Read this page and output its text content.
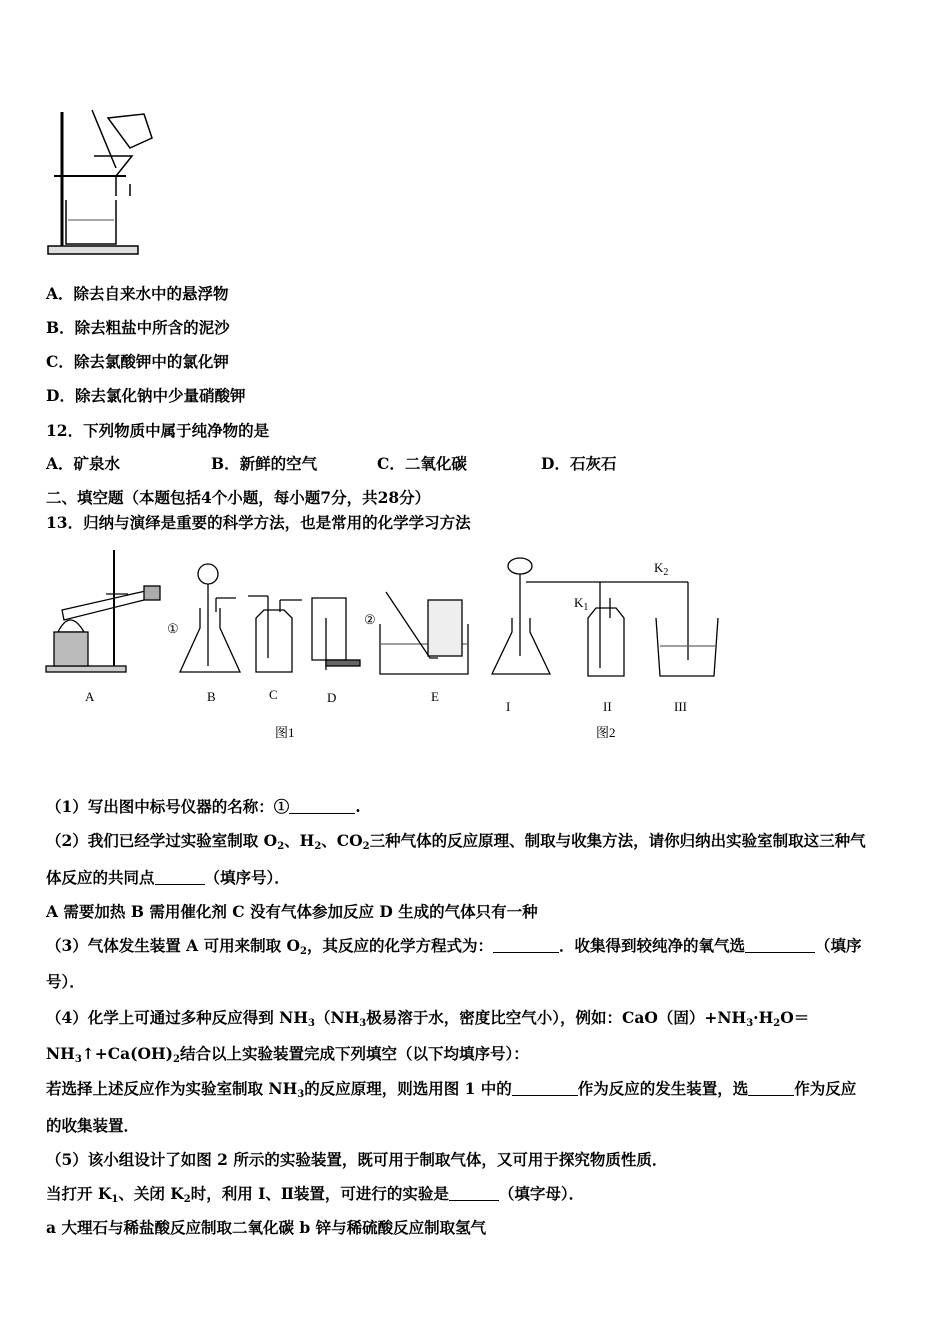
A．除去自来水中的悬浮物
B．除去粗盐中所含的泥沙
C．除去氯酸钾中的氯化钾
D．除去氯化钠中少量硝酸钾
12．下列物质中属于纯净物的是
A．矿泉水	B．新鲜的空气	C．二氧化碳	D．石灰石
二、填空题（本题包括4个小题，每小题7分，共28分）
13．归纳与演绎是重要的科学方法，也是常用的化学学习方法
A	B	C	D	E
I	II	III
图1	图2
①
②
$K_1$
$K_2$
（1）写出图中标号仪器的名称：①	.
（2）我们已经学过实验室制取 $O_2$、$H_2$、$CO_2$三种气体的反应原理、制取与收集方法，请你归纳出实验室制取这三种气
体反应的共同点	（填序号）．
A 需要加热 B 需用催化剂 C 没有气体参加反应 D 生成的气体只有一种
（3）气体发生装置 A 可用来制取 $O_2$，其反应的化学方程式为：	．收集得到较纯净的氧气选	（填序
号）．
（4）化学上可通过多种反应得到 $NH_3(NH_3$极易溶于水，密度比空气小），例如：CaO（固）$+NH_3\cdot H_2O=$
$NH_3↑+Ca(OH)_2$结合以上实验装置完成下列填空（以下均填序号）：
若选择上述反应作为实验室制取 $NH_3$的反应原理，则选用图 1 中的	作为反应的发生装置，选	作为反应
的收集装置．
（5）该小组设计了如图 2 所示的实验装置，既可用于制取气体，又可用于探究物质性质．
当打开 $K_1$、关闭 $K_2$时，利用 Ⅰ、Ⅱ装置，可进行的实验是	（填字母）．
a 大理石与稀盐酸反应制取二氧化碳 b 锌与稀硫酸反应制取氢气
